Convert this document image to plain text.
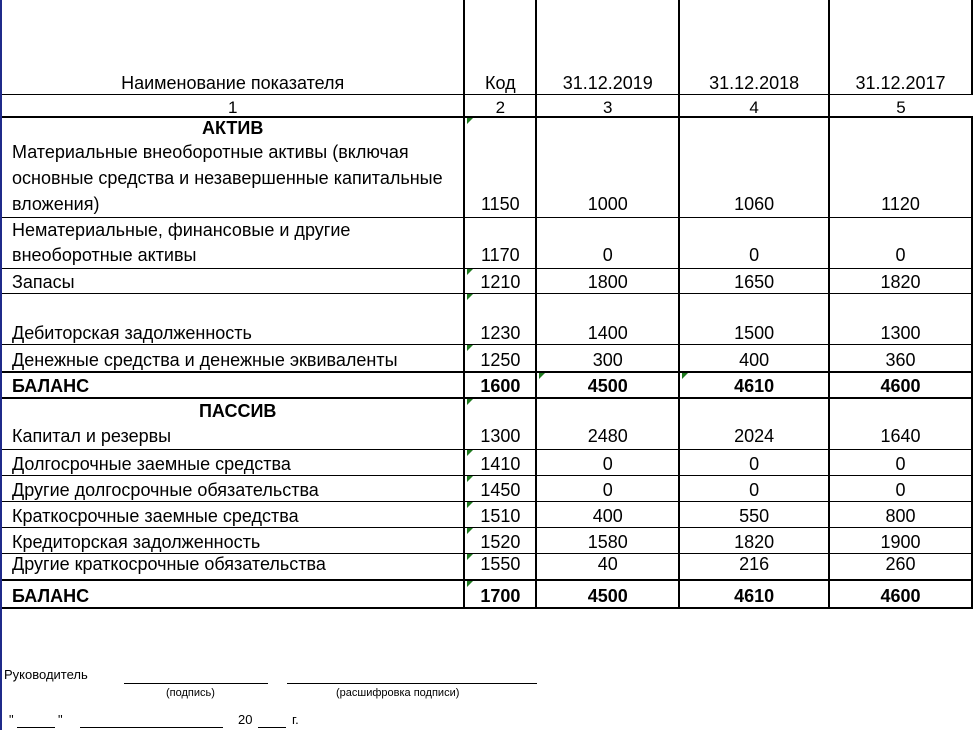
Наименование показателя	Код	31.12.2019	31.12.2018	31.12.2017
1	2	3	4	5
АКТИВ				
Материальные внеоборотные активы (включая основные средства и незавершенные капитальные вложения)	1150	1000	1060	1120
Нематериальные, финансовые и другие внеоборотные активы	1170	0	0	0
Запасы	1210	1800	1650	1820
Дебиторская задолженность	1230	1400	1500	1300
Денежные средства и денежные эквиваленты	1250	300	400	360
БАЛАНС	1600	4500	4610	4600

ПАССИВ
Капитал и резервы	1300	2480	2024	1640
Долгосрочные заемные средства	1410	0	0	0
Другие долгосрочные обязательства	1450	0	0	0
Краткосрочные заемные средства	1510	400	550	800
Кредиторская задолженность	1520	1580	1820	1900
Другие краткосрочные обязательства	1550	40	216	260
БАЛАНС	1700	4500	4610	4600
Руководитель
(подпись)	(расшифровка подписи)
"	"	20	г.
